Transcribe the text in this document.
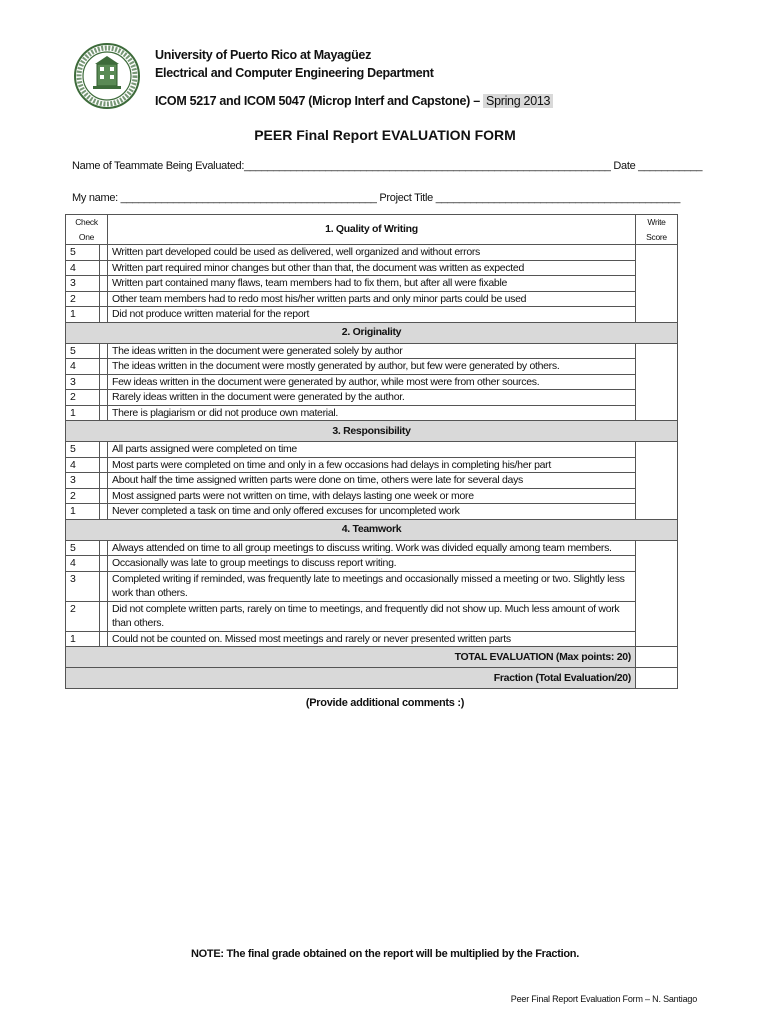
University of Puerto Rico at Mayagüez
Electrical and Computer Engineering Department
ICOM 5217 and ICOM 5047 (Microp Interf and Capstone) – Spring 2013
PEER Final Report EVALUATION FORM
Name of Teammate Being Evaluated:_______________________________________________________________ Date ___________
My name: ____________________________________________ Project Title __________________________________________
Check
One		1. Quality of Writing	Write
Score
5		Written part developed could be used as delivered, well organized and without errors	
4		Written part required minor changes but other than that, the document was written as expected	
3		Written part contained many flaws, team members had to fix them, but after all were fixable	
2		Other team members had to redo most his/her written parts and only minor parts could be used	
1		Did not produce written material for the report	
2. Originality			
5		The ideas written in the document were generated solely by author	
4		The ideas written in the document were mostly generated by author, but few were generated by others.	
3		Few ideas written in the document were generated by author, while most were from other sources.	
2		Rarely ideas written in the document were generated by the author.	
1		There is plagiarism or did not produce own material.	
3. Responsibility			
5		All parts assigned were completed on time	
4		Most parts were completed on time and only in a few occasions had delays in completing his/her part	
3		About half the time assigned written parts were done on time, others were late for several days	
2		Most assigned parts were not written on time, with delays lasting one week or more	
1		Never completed a task on time and only offered excuses for uncompleted work	
4. Teamwork			
5		Always attended on time to all group meetings to discuss writing. Work was divided equally among team members.	
4		Occasionally was late to group meetings to discuss report writing.	
3		Completed writing if reminded, was frequently late to meetings and occasionally missed a meeting or two. Slightly less work than others.	
2		Did not complete written parts, rarely on time to meetings, and frequently did not show up. Much less amount of work than others.	
1		Could not be counted on. Missed most meetings and rarely or never presented written parts	
TOTAL EVALUATION (Max points: 20)			
Fraction (Total Evaluation/20)			
(Provide additional comments :)
NOTE: The final grade obtained on the report will be multiplied by the Fraction.
Peer Final Report Evaluation Form – N. Santiago
